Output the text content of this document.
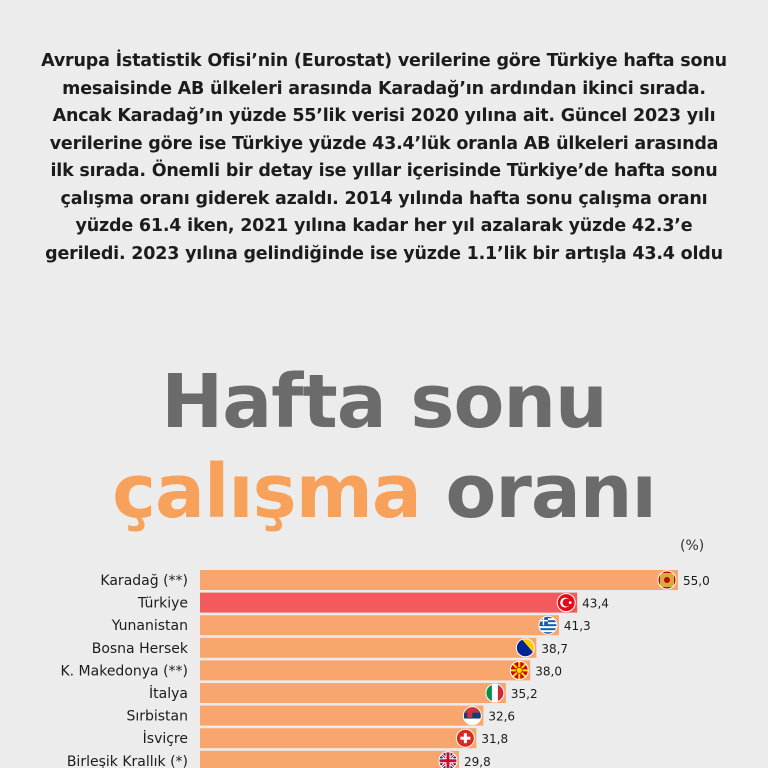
Avrupa İstatistik Ofisi’nin (Eurostat) verilerine göre Türkiye hafta sonu mesaisinde AB ülkeleri arasında Karadağ’ın ardından ikinci sırada. Ancak Karadağ’ın yüzde 55’lik verisi 2020 yılına ait. Güncel 2023 yılı verilerine göre ise Türkiye yüzde 43.4’lük oranla AB ülkeleri arasında ilk sırada. Önemli bir detay ise yıllar içerisinde Türkiye’de hafta sonu çalışma oranı giderek azaldı. 2014 yılında hafta sonu çalışma oranı yüzde 61.4 iken, 2021 yılına kadar her yıl azalarak yüzde 42.3’e geriledi. 2023 yılına gelindiğinde ise yüzde 1.1’lik bir artışla 43.4 oldu
Hafta sonu
çalışma oranı
(%)
Karadağ (**)	55,0
Türkiye	43,4
Yunanistan	41,3
Bosna Hersek	38,7
K. Makedonya (**)	38,0
İtalya	35,2
Sırbistan	32,6
İsviçre	31,8
Birleşik Krallık (*)	29,8
